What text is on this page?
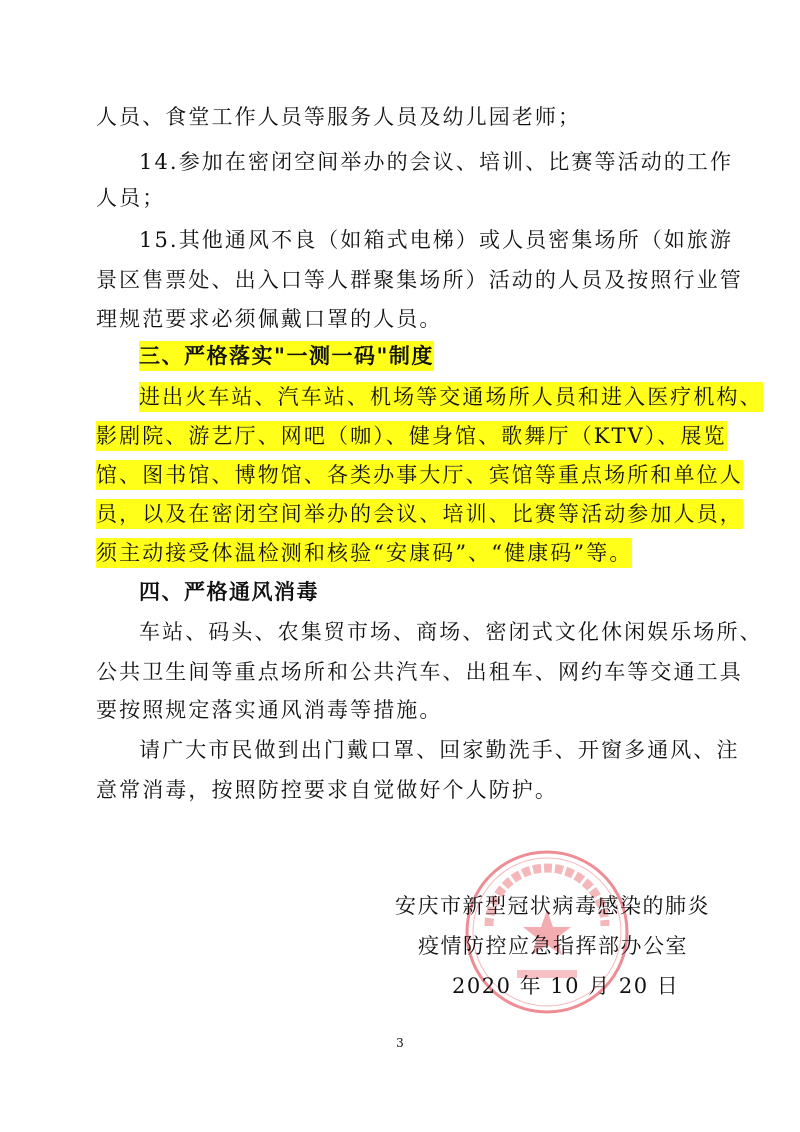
人员、食堂工作人员等服务人员及幼儿园老师；
14.参加在密闭空间举办的会议、培训、比赛等活动的工作
人员；
15.其他通风不良（如箱式电梯）或人员密集场所（如旅游
景区售票处、出入口等人群聚集场所）活动的人员及按照行业管
理规范要求必须佩戴口罩的人员。
三、严格落实"一测一码"制度
进出火车站、汽车站、机场等交通场所人员和进入医疗机构、
影剧院、游艺厅、网吧（咖）、健身馆、歌舞厅（KTV）、展览
馆、图书馆、博物馆、各类办事大厅、宾馆等重点场所和单位人
员，以及在密闭空间举办的会议、培训、比赛等活动参加人员，
须主动接受体温检测和核验“安康码”、“健康码”等。
四、严格通风消毒
车站、码头、农集贸市场、商场、密闭式文化休闲娱乐场所、
公共卫生间等重点场所和公共汽车、出租车、网约车等交通工具
要按照规定落实通风消毒等措施。
请广大市民做到出门戴口罩、回家勤洗手、开窗多通风、注
意常消毒，按照防控要求自觉做好个人防护。
安庆市新型冠状病毒感染的肺炎
疫情防控应急指挥部办公室
2020 年 10 月 20 日
3
